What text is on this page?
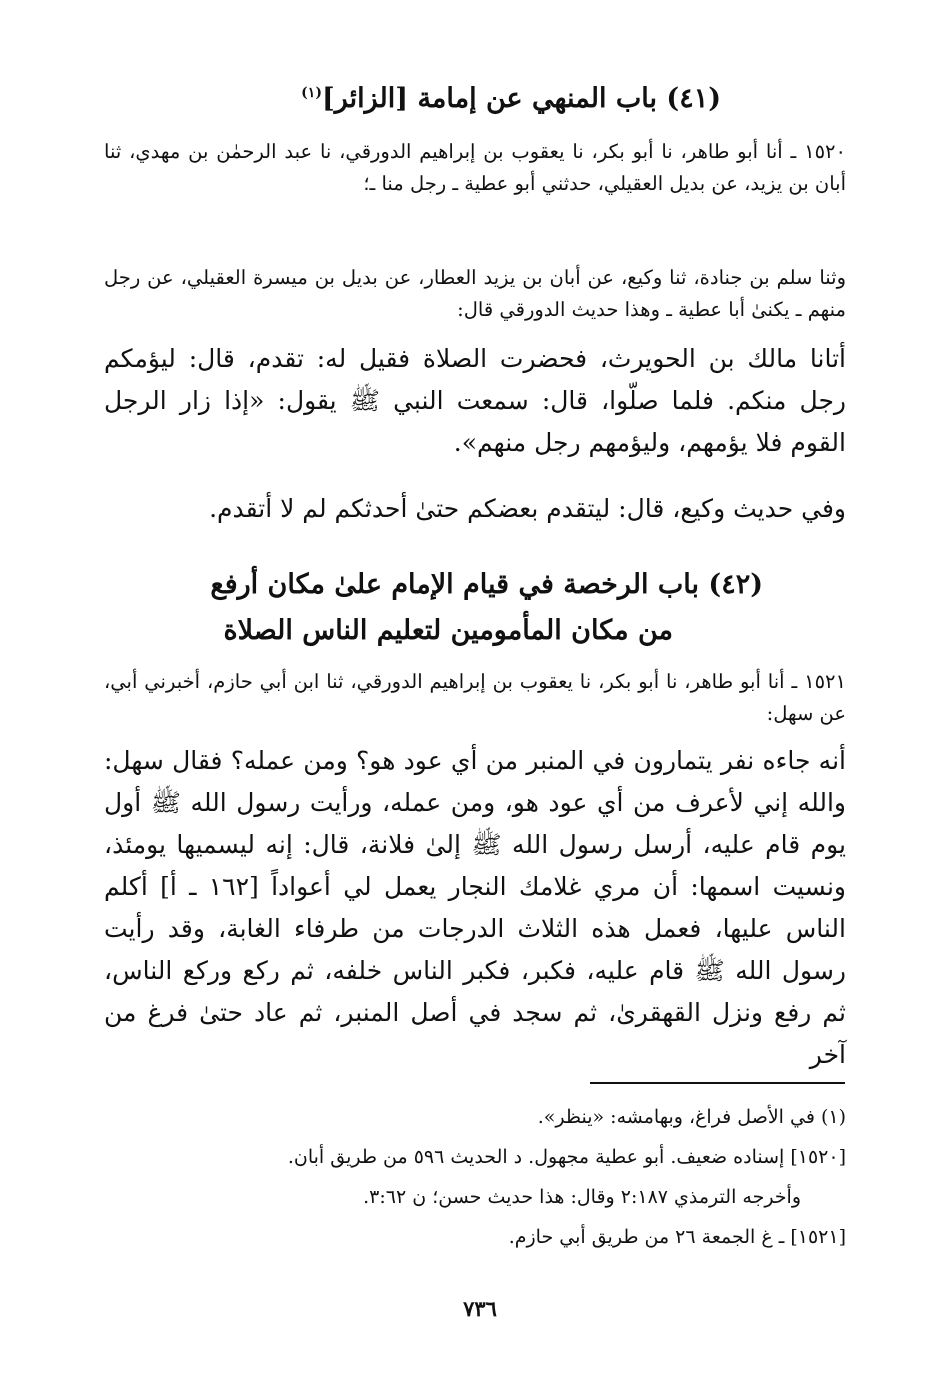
(٤١) باب المنهي عن إمامة [الزائر]$^{(١)}$
١٥٢٠ ـ أنا أبو طاهر، نا أبو بكر، نا يعقوب بن إبراهيم الدورقي، نا عبد الرحمٰن بن مهدي، ثنا أبان بن يزيد، عن بديل العقيلي، حدثني أبو عطية ـ رجل منا ـ؛
وثنا سلم بن جنادة، ثنا وكيع، عن أبان بن يزيد العطار، عن بديل بن ميسرة العقيلي، عن رجل منهم ـ يكنىٰ أبا عطية ـ وهذا حديث الدورقي قال:
أتانا مالك بن الحويرث، فحضرت الصلاة فقيل له: تقدم، قال: ليؤمكم رجل منكم. فلما صلّوا، قال: سمعت النبي ﷺ يقول: «إذا زار الرجل القوم فلا يؤمهم، وليؤمهم رجل منهم».
وفي حديث وكيع، قال: ليتقدم بعضكم حتىٰ أحدثكم لم لا أتقدم.
(٤٢) باب الرخصة في قيام الإمام علىٰ مكان أرفع
من مكان المأمومين لتعليم الناس الصلاة
١٥٢١ ـ أنا أبو طاهر، نا أبو بكر، نا يعقوب بن إبراهيم الدورقي، ثنا ابن أبي حازم، أخبرني أبي، عن سهل:
أنه جاءه نفر يتمارون في المنبر من أي عود هو؟ ومن عمله؟ فقال سهل: والله إني لأعرف من أي عود هو، ومن عمله، ورأيت رسول الله ﷺ أول يوم قام عليه، أرسل رسول الله ﷺ إلىٰ فلانة، قال: إنه ليسميها يومئذ، ونسيت اسمها: أن مري غلامك النجار يعمل لي أعواداً [١٦٢ ـ أ] أكلم الناس عليها، فعمل هذه الثلاث الدرجات من طرفاء الغابة، وقد رأيت رسول الله ﷺ قام عليه، فكبر، فكبر الناس خلفه، ثم ركع وركع الناس، ثم رفع ونزل القهقرىٰ، ثم سجد في أصل المنبر، ثم عاد حتىٰ فرغ من آخر
(١) في الأصل فراغ، وبهامشه: «ينظر».
[١٥٢٠] إسناده ضعيف. أبو عطية مجهول. د الحديث ٥٩٦ من طريق أبان.
وأخرجه الترمذي ٢:١٨٧ وقال: هذا حديث حسن؛ ن ٣:٦٢.
[١٥٢١] ـ غ الجمعة ٢٦ من طريق أبي حازم.
٧٣٦
